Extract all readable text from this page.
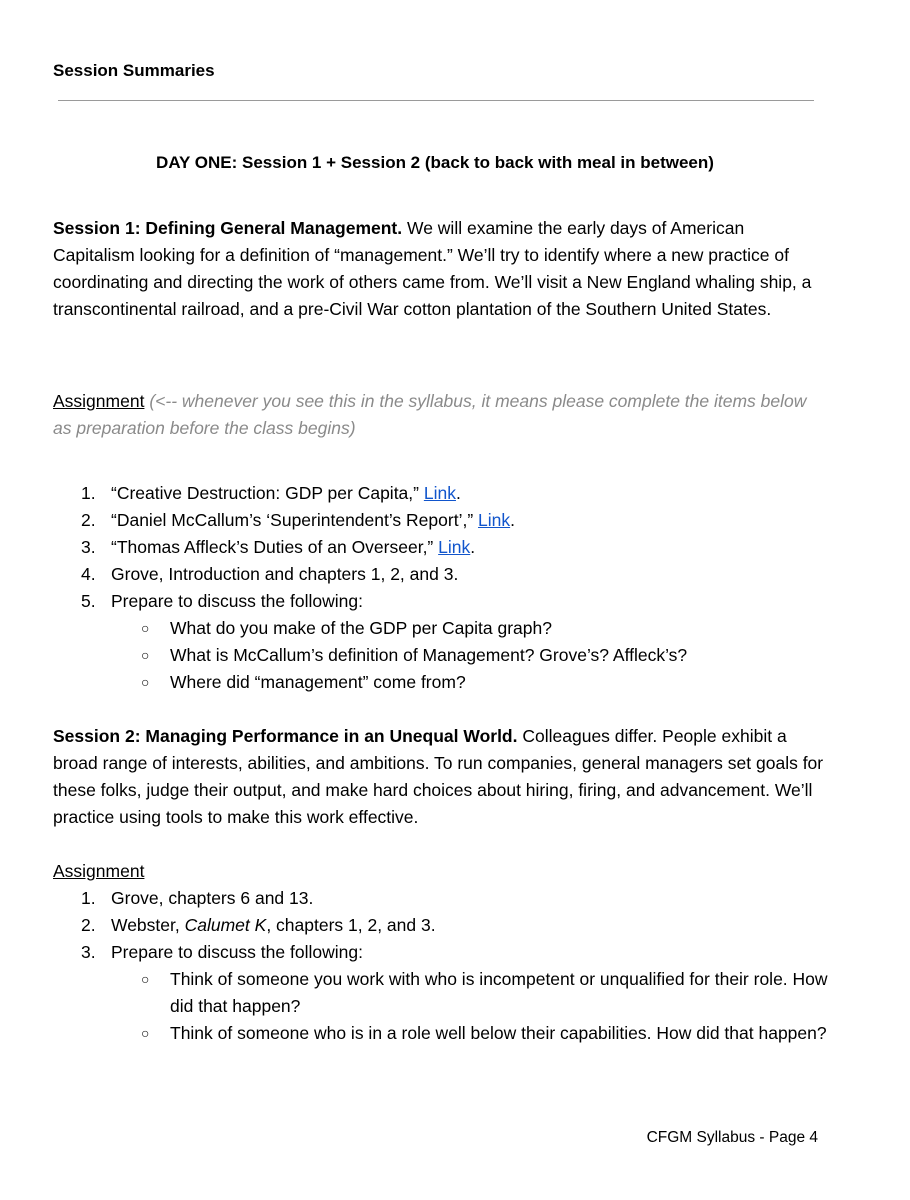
Session Summaries
DAY ONE: Session 1 + Session 2 (back to back with meal in between)
Session 1: Defining General Management. We will examine the early days of American Capitalism looking for a definition of “management.” We’ll try to identify where a new practice of coordinating and directing the work of others came from. We’ll visit a New England whaling ship, a transcontinental railroad, and a pre-Civil War cotton plantation of the Southern United States.
Assignment (<-- whenever you see this in the syllabus, it means please complete the items below as preparation before the class begins)
1. “Creative Destruction: GDP per Capita,” Link.
2. “Daniel McCallum’s ‘Superintendent’s Report’,” Link.
3. “Thomas Affleck’s Duties of an Overseer,” Link.
4. Grove, Introduction and chapters 1, 2, and 3.
5. Prepare to discuss the following:
○ What do you make of the GDP per Capita graph?
○ What is McCallum’s definition of Management? Grove’s? Affleck’s?
○ Where did “management” come from?
Session 2: Managing Performance in an Unequal World. Colleagues differ. People exhibit a broad range of interests, abilities, and ambitions. To run companies, general managers set goals for these folks, judge their output, and make hard choices about hiring, firing, and advancement. We’ll practice using tools to make this work effective.
Assignment
1. Grove, chapters 6 and 13.
2. Webster, Calumet K, chapters 1, 2, and 3.
3. Prepare to discuss the following:
○ Think of someone you work with who is incompetent or unqualified for their role. How did that happen?
○ Think of someone who is in a role well below their capabilities. How did that happen?
CFGM Syllabus - Page 4
